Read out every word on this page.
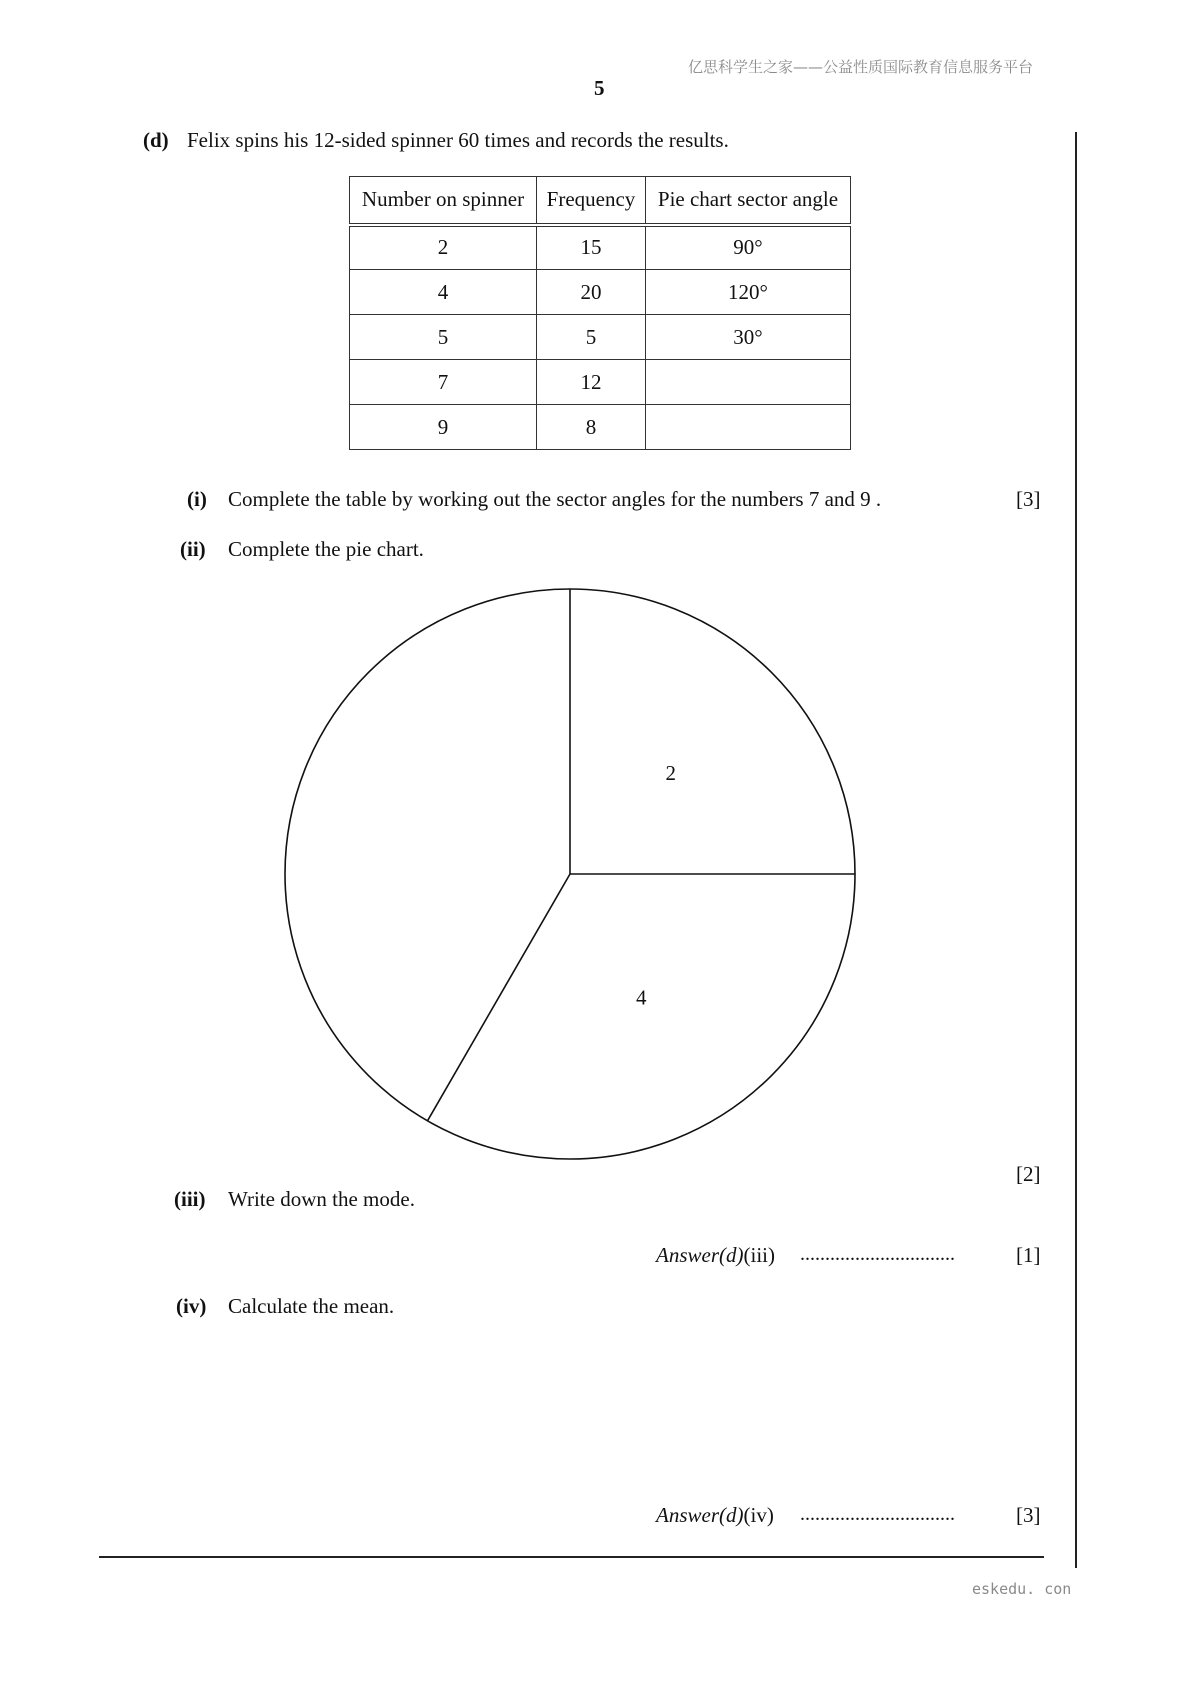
亿思科学生之家——公益性质国际教育信息服务平台
5
(d) Felix spins his 12-sided spinner 60 times and records the results.
Number on spinner	Frequency	Pie chart sector angle
2	15	90°
4	20	120°
5	5	30°
7	12	
9	8	
(i) Complete the table by working out the sector angles for the numbers 7 and 9 .	[3]
(ii) Complete the pie chart.
2
4
[2]
(iii) Write down the mode.
Answer(d)(iii) ...............................	[1]
(iv) Calculate the mean.
Answer(d)(iv) ...............................	[3]
eskedu. con
